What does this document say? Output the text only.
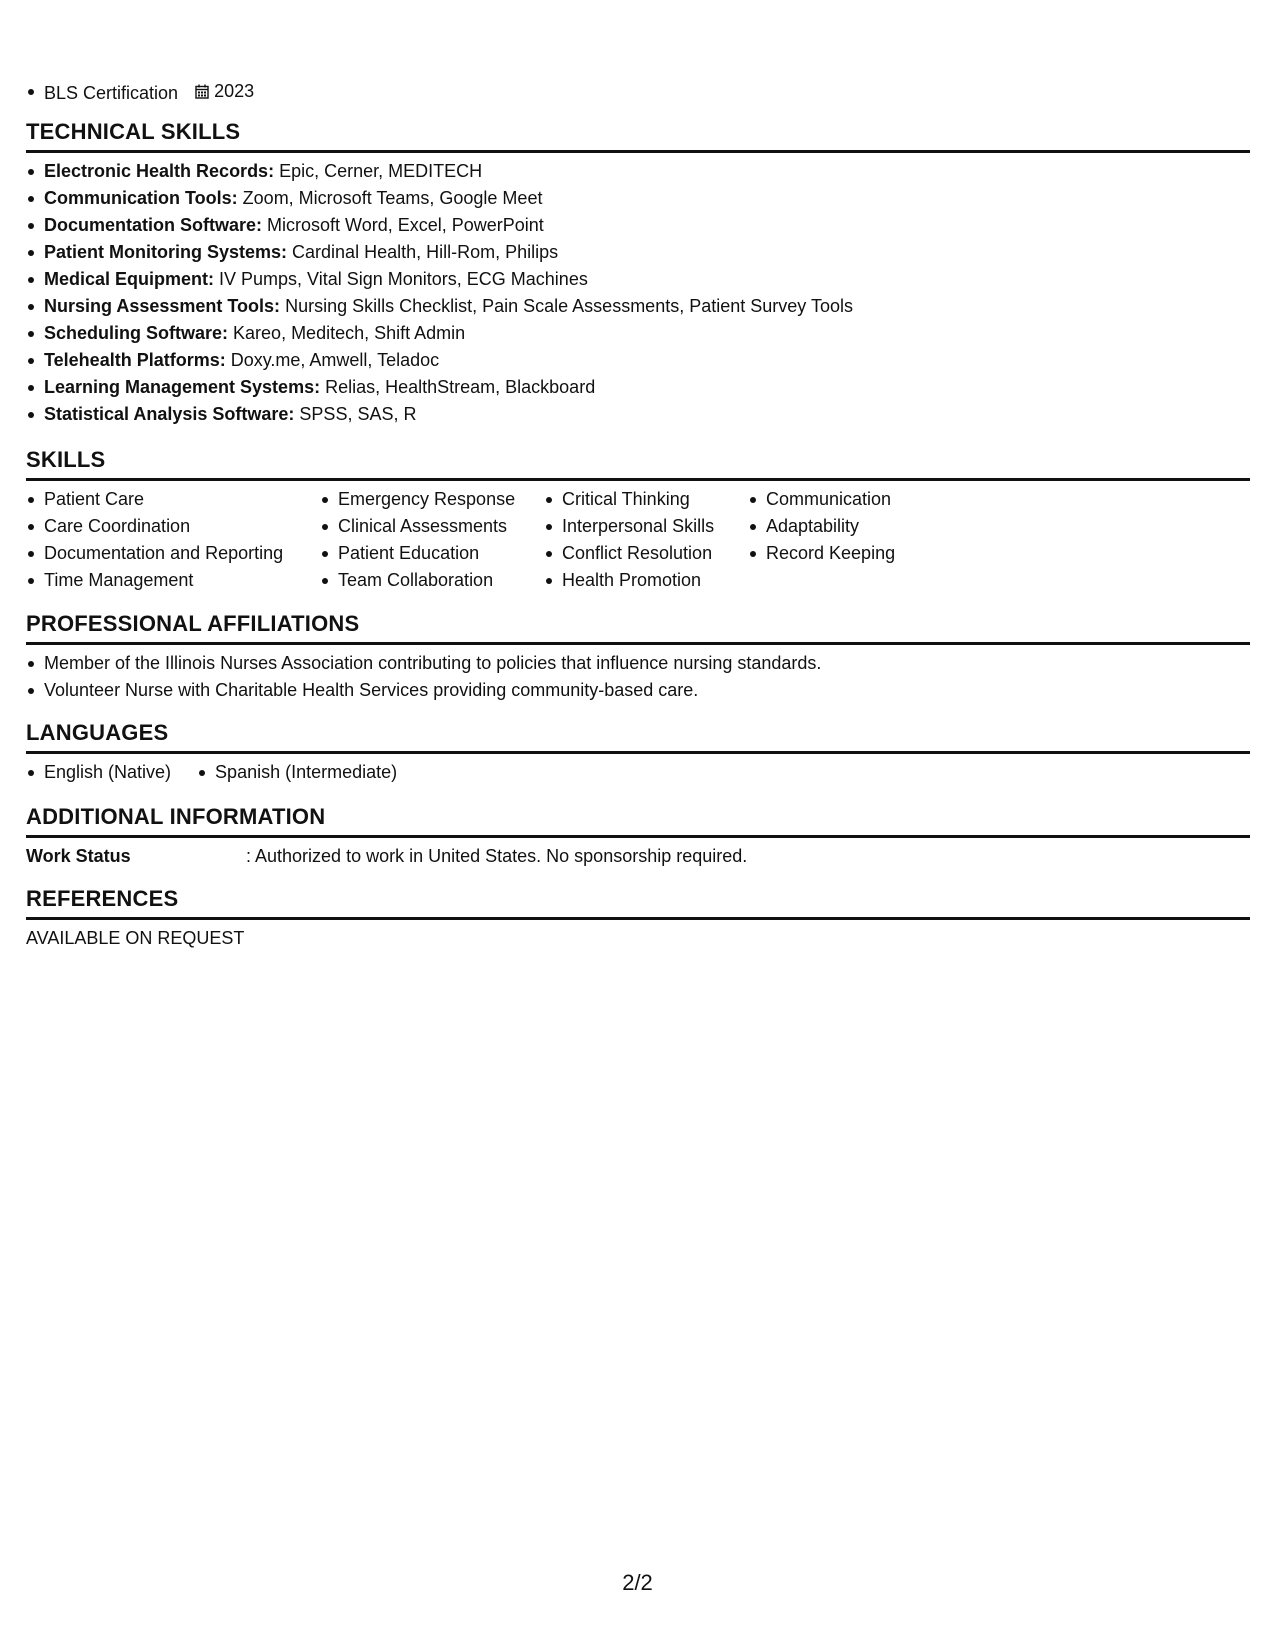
BLS Certification 2023
TECHNICAL SKILLS
Electronic Health Records: Epic, Cerner, MEDITECH
Communication Tools: Zoom, Microsoft Teams, Google Meet
Documentation Software: Microsoft Word, Excel, PowerPoint
Patient Monitoring Systems: Cardinal Health, Hill-Rom, Philips
Medical Equipment: IV Pumps, Vital Sign Monitors, ECG Machines
Nursing Assessment Tools: Nursing Skills Checklist, Pain Scale Assessments, Patient Survey Tools
Scheduling Software: Kareo, Meditech, Shift Admin
Telehealth Platforms: Doxy.me, Amwell, Teladoc
Learning Management Systems: Relias, HealthStream, Blackboard
Statistical Analysis Software: SPSS, SAS, R
SKILLS
Patient Care
Care Coordination
Documentation and Reporting
Time Management
Emergency Response
Clinical Assessments
Patient Education
Team Collaboration
Critical Thinking
Interpersonal Skills
Conflict Resolution
Health Promotion
Communication
Adaptability
Record Keeping
PROFESSIONAL AFFILIATIONS
Member of the Illinois Nurses Association contributing to policies that influence nursing standards.
Volunteer Nurse with Charitable Health Services providing community-based care.
LANGUAGES
English (Native)	Spanish (Intermediate)
ADDITIONAL INFORMATION
Work Status	: Authorized to work in United States. No sponsorship required.
REFERENCES
AVAILABLE ON REQUEST
2/2
